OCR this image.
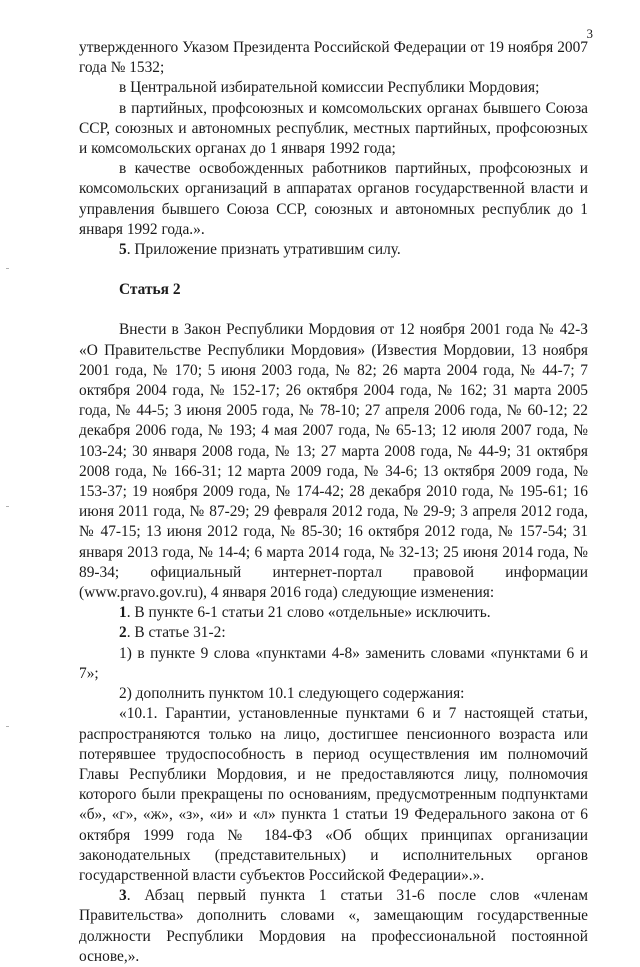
3

утвержденного Указом Президента Российской Федерации от 19 ноября 2007 года № 1532;

в Центральной избирательной комиссии Республики Мордовия;

в партийных, профсоюзных и комсомольских органах бывшего Союза ССР, союзных и автономных республик, местных партийных, профсоюзных и комсомольских органах до 1 января 1992 года;

в качестве освобожденных работников партийных, профсоюзных и комсомольских организаций в аппаратах органов государственной власти и управления бывшего Союза ССР, союзных и автономных республик до 1 января 1992 года.».

5. Приложение признать утратившим силу.

Статья 2

Внести в Закон Республики Мордовия от 12 ноября 2001 года № 42-З «О Правительстве Республики Мордовия» (Известия Мордовии, 13 ноября 2001 года, № 170; 5 июня 2003 года, № 82; 26 марта 2004 года, № 44-7; 7 октября 2004 года, № 152-17; 26 октября 2004 года, № 162; 31 марта 2005 года, № 44-5; 3 июня 2005 года, № 78-10; 27 апреля 2006 года, № 60-12; 22 декабря 2006 года, № 193; 4 мая 2007 года, № 65-13; 12 июля 2007 года, № 103-24; 30 января 2008 года, № 13; 27 марта 2008 года, № 44-9; 31 октября 2008 года, № 166-31; 12 марта 2009 года, № 34-6; 13 октября 2009 года, № 153-37; 19 ноября 2009 года, № 174-42; 28 декабря 2010 года, № 195-61; 16 июня 2011 года, № 87-29; 29 февраля 2012 года, № 29-9; 3 апреля 2012 года, № 47-15; 13 июня 2012 года, № 85-30; 16 октября 2012 года, № 157-54; 31 января 2013 года, № 14-4; 6 марта 2014 года, № 32-13; 25 июня 2014 года, № 89-34; официальный интернет-портал правовой информации (www.pravo.gov.ru), 4 января 2016 года) следующие изменения:

1. В пункте 6-1 статьи 21 слово «отдельные» исключить.

2. В статье 31-2:

1) в пункте 9 слова «пунктами 4-8» заменить словами «пунктами 6 и 7»;

2) дополнить пунктом 10.1 следующего содержания:

«10.1. Гарантии, установленные пунктами 6 и 7 настоящей статьи, распространяются только на лицо, достигшее пенсионного возраста или потерявшее трудоспособность в период осуществления им полномочий Главы Республики Мордовия, и не предоставляются лицу, полномочия которого были прекращены по основаниям, предусмотренным подпунктами «б», «г», «ж», «з», «и» и «л» пункта 1 статьи 19 Федерального закона от 6 октября 1999 года № 184-ФЗ «Об общих принципах организации законодательных (представительных) и исполнительных органов государственной власти субъектов Российской Федерации».».

3. Абзац первый пункта 1 статьи 31-6 после слов «членам Правительства» дополнить словами «, замещающим государственные должности Республики Мордовия на профессиональной постоянной основе,».
